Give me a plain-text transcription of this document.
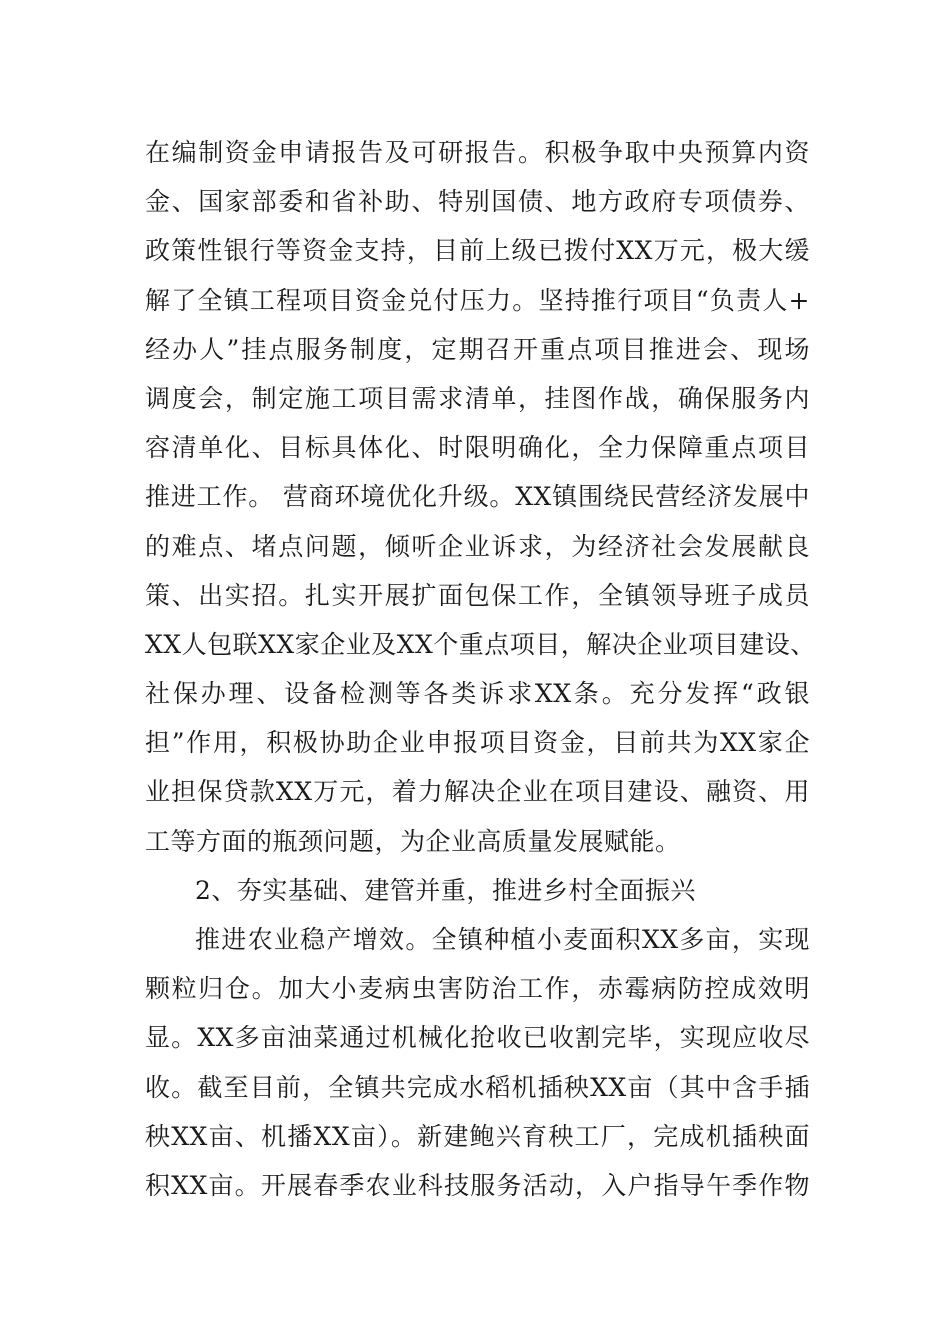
在编制资金申请报告及可研报告。积极争取中央预算内资
金、国家部委和省补助、特别国债、地方政府专项债券、
政策性银行等资金支持，目前上级已拨付XX万元，极大缓
解了全镇工程项目资金兑付压力。坚持推行项目“负责人+
经办人”挂点服务制度，定期召开重点项目推进会、现场
调度会，制定施工项目需求清单，挂图作战，确保服务内
容清单化、目标具体化、时限明确化，全力保障重点项目
推进工作。 营商环境优化升级。XX镇围绕民营经济发展中
的难点、堵点问题，倾听企业诉求，为经济社会发展献良
策、出实招。扎实开展扩面包保工作，全镇领导班子成员
XX人包联XX家企业及XX个重点项目，解决企业项目建设、
社保办理、设备检测等各类诉求XX条。充分发挥“政银
担”作用，积极协助企业申报项目资金，目前共为XX家企
业担保贷款XX万元，着力解决企业在项目建设、融资、用
工等方面的瓶颈问题，为企业高质量发展赋能。
2、夯实基础、建管并重，推进乡村全面振兴
推进农业稳产增效。全镇种植小麦面积XX多亩，实现
颗粒归仓。加大小麦病虫害防治工作，赤霉病防控成效明
显。XX多亩油菜通过机械化抢收已收割完毕，实现应收尽
收。截至目前，全镇共完成水稻机插秧XX亩（其中含手插
秧XX亩、机播XX亩）。新建鲍兴育秧工厂，完成机插秧面
积XX亩。开展春季农业科技服务活动，入户指导午季作物
